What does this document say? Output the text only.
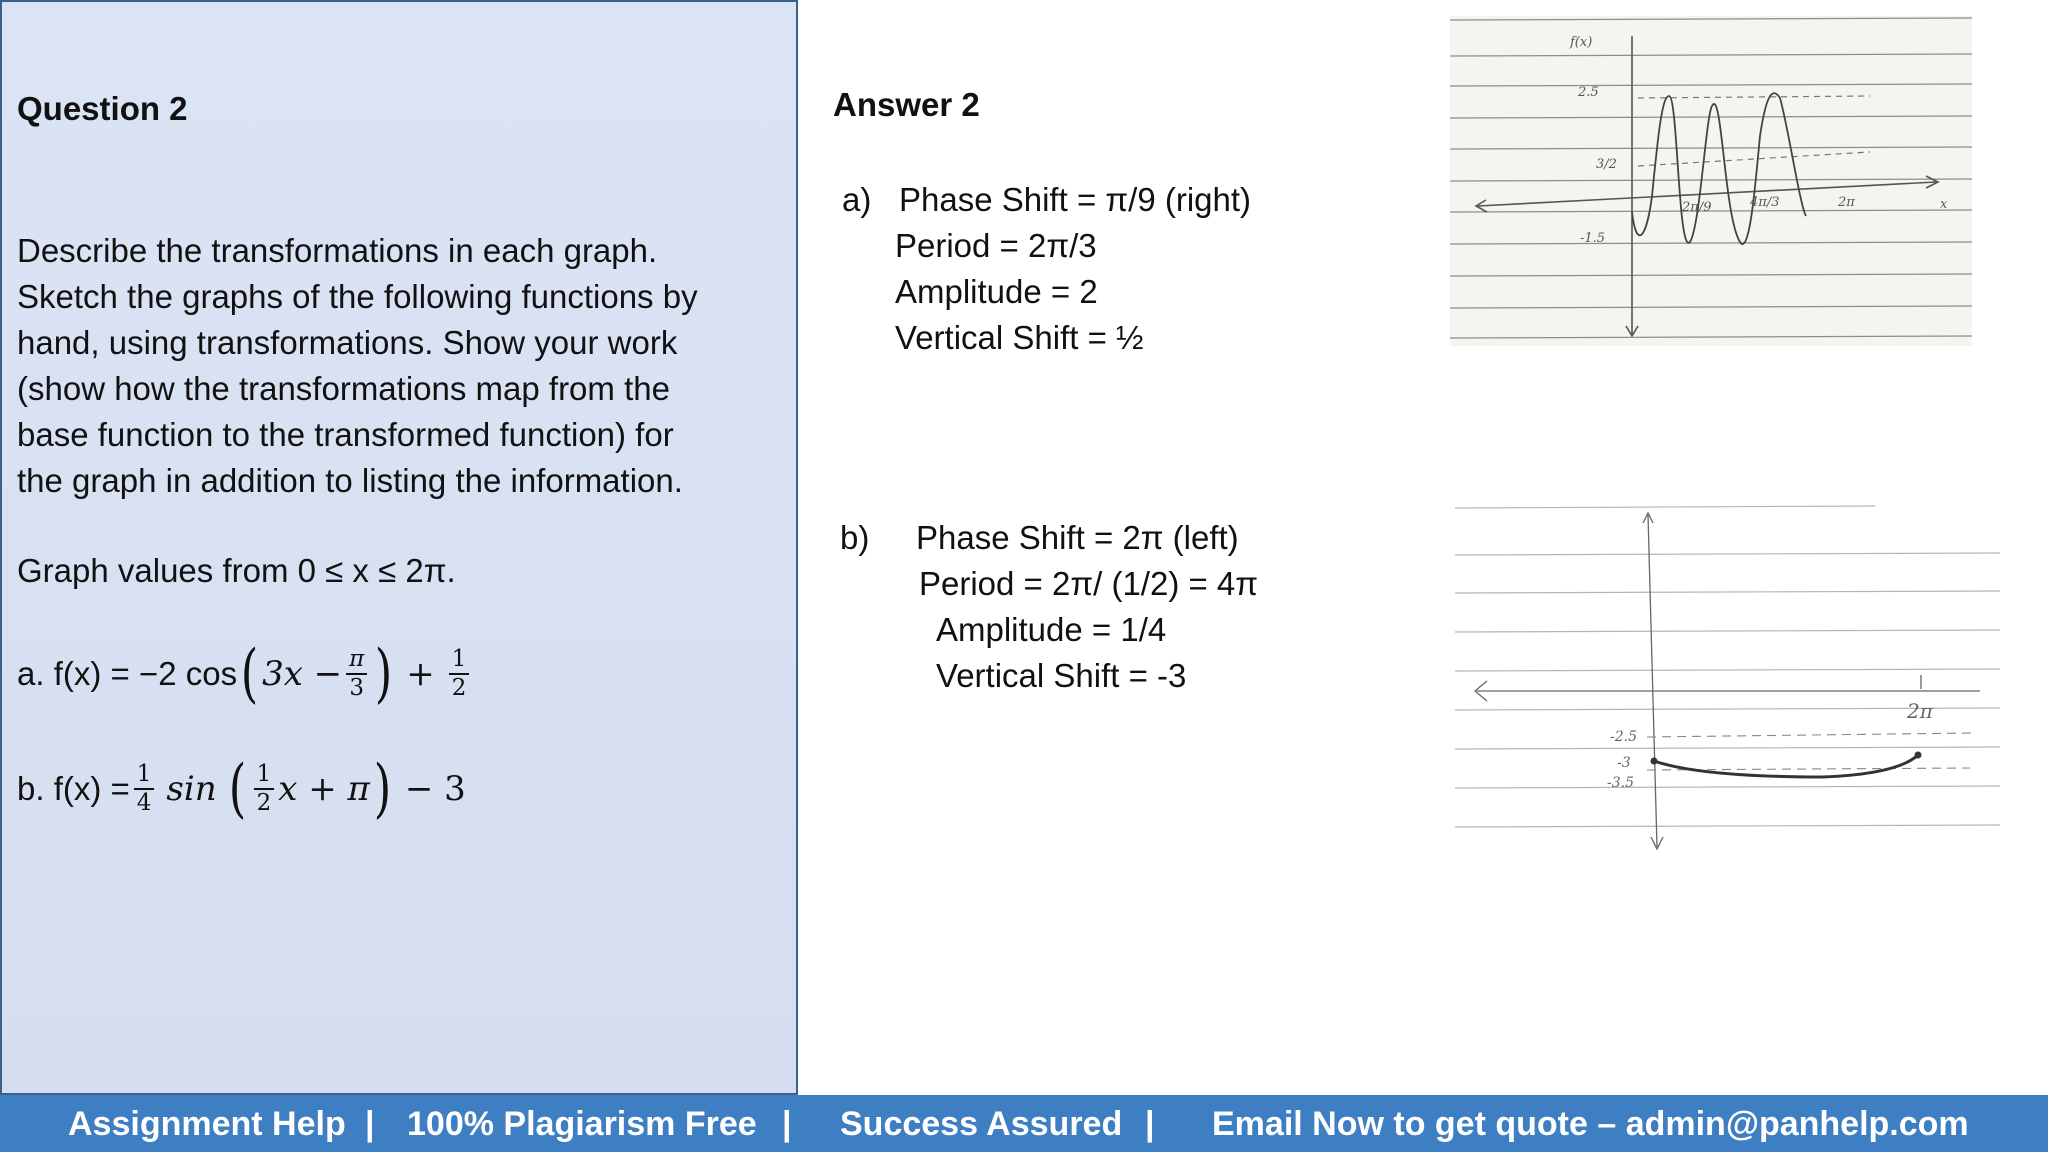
Question 2

Describe the transformations in each graph.

Sketch the graphs of the following functions by

hand, using transformations. Show your work

(show how the transformations map from the

base function to the transformed function) for

the graph in addition to listing the information.

Graph values from 0 ≤ x ≤ 2π.
a. f(x) = −2 cos ( $3x - \frac{\pi}{3}$ ) + $\frac{1}{2}$
b. $f(x) = \frac{1}{4}$ sin ( $\frac{1}{2}$ x + π ) − 3
Answer 2
a) Phase Shift = π/9 (right)
Period = 2π/3
Amplitude = 2
Vertical Shift = ½
b) Phase Shift = 2π (left)
Period = 2π/ (1/2) = 4π
Amplitude = 1/4
Vertical Shift = -3
2.5
3/2
-1.5
2π/9	4π/3	2π
f(x)
x
2π
-2.5
-3
-3.5
Assignment Help | 100% Plagiarism Free | Success Assured | Email Now to get quote – admin@panhelp.com
